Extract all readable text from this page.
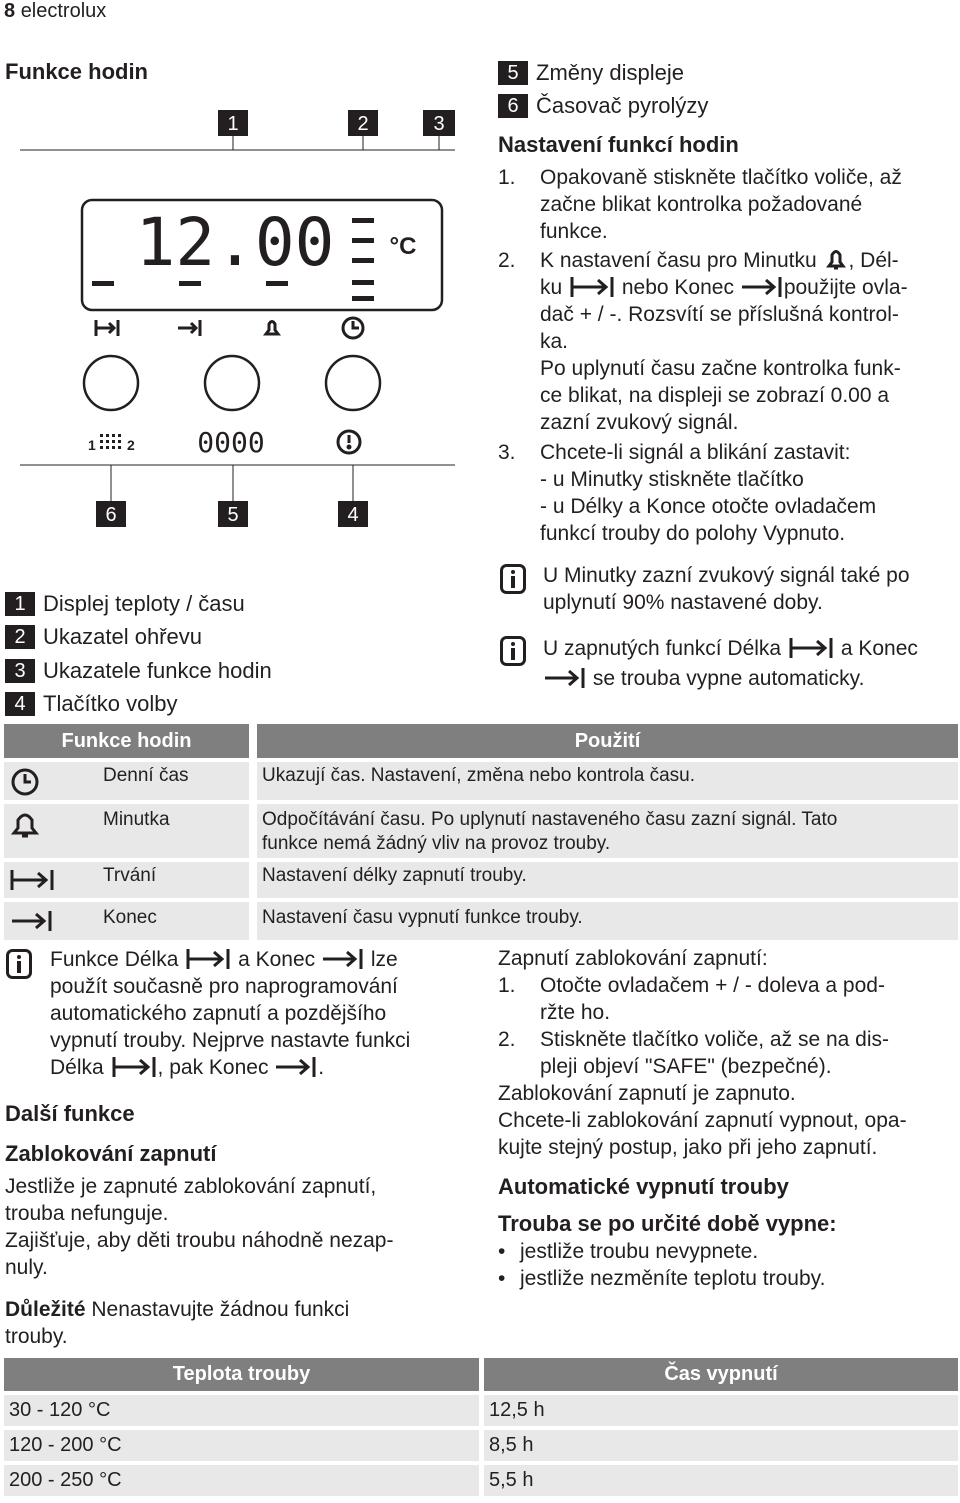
8 electrolux
Funkce hodin
1	2	3
6	5	4
12.00 °C
1 2 0000
1 Displej teploty / času
2 Ukazatel ohřevu
3 Ukazatele funkce hodin
4 Tlačítko volby
5 Změny displeje
6 Časovač pyrolýzy
Nastavení funkcí hodin
1. Opakovaně stiskněte tlačítko voliče, až
začne blikat kontrolka požadované
funkce.
2. K nastavení času pro Minutku , Dél-
ku	nebo Konec použijte ovla-
dač + / -. Rozsvítí se příslušná kontrol-
ka.
Po uplynutí času začne kontrolka funk-
ce blikat, na displeji se zobrazí 0.00 a
zazní zvukový signál.
3. Chcete-li signál a blikání zastavit:
- u Minutky stiskněte tlačítko
- u Délky a Konce otočte ovladačem
funkcí trouby do polohy Vypnuto.
U Minutky zazní zvukový signál také po
uplynutí 90% nastavené doby.
U zapnutých funkcí Délka	a Konec
se trouba vypne automaticky.
Funkce hodin	Použití
Denní čas	Ukazují čas. Nastavení, změna nebo kontrola času.
Minutka	Odpočítávání času. Po uplynutí nastaveného času zazní signál. Tato
funkce nemá žádný vliv na provoz trouby.
Trvání	Nastavení délky zapnutí trouby.
Konec	Nastavení času vypnutí funkce trouby.
Funkce Délka	a Konec	lze
použít současně pro naprogramování
automatického zapnutí a pozdějšího
vypnutí trouby. Nejprve nastavte funkci
Délka	, pak Konec .
Další funkce
Zablokování zapnutí
Jestliže je zapnuté zablokování zapnutí,
trouba nefunguje.
Zajišťuje, aby děti troubu náhodně nezap-
nuly.
Důležité Nenastavujte žádnou funkci
trouby.
Zapnutí zablokování zapnutí:
1. Otočte ovladačem + / - doleva a pod-
ržte ho.
2. Stiskněte tlačítko voliče, až se na dis-
pleji objeví "SAFE" (bezpečné).
Zablokování zapnutí je zapnuto.
Chcete-li zablokování zapnutí vypnout, opa-
kujte stejný postup, jako při jeho zapnutí.
Automatické vypnutí trouby
Trouba se po určité době vypne:
• jestliže troubu nevypnete.
• jestliže nezměníte teplotu trouby.
Teplota trouby	Čas vypnutí
30 - 120 °C	12,5 h
120 - 200 °C	8,5 h
200 - 250 °C	5,5 h
